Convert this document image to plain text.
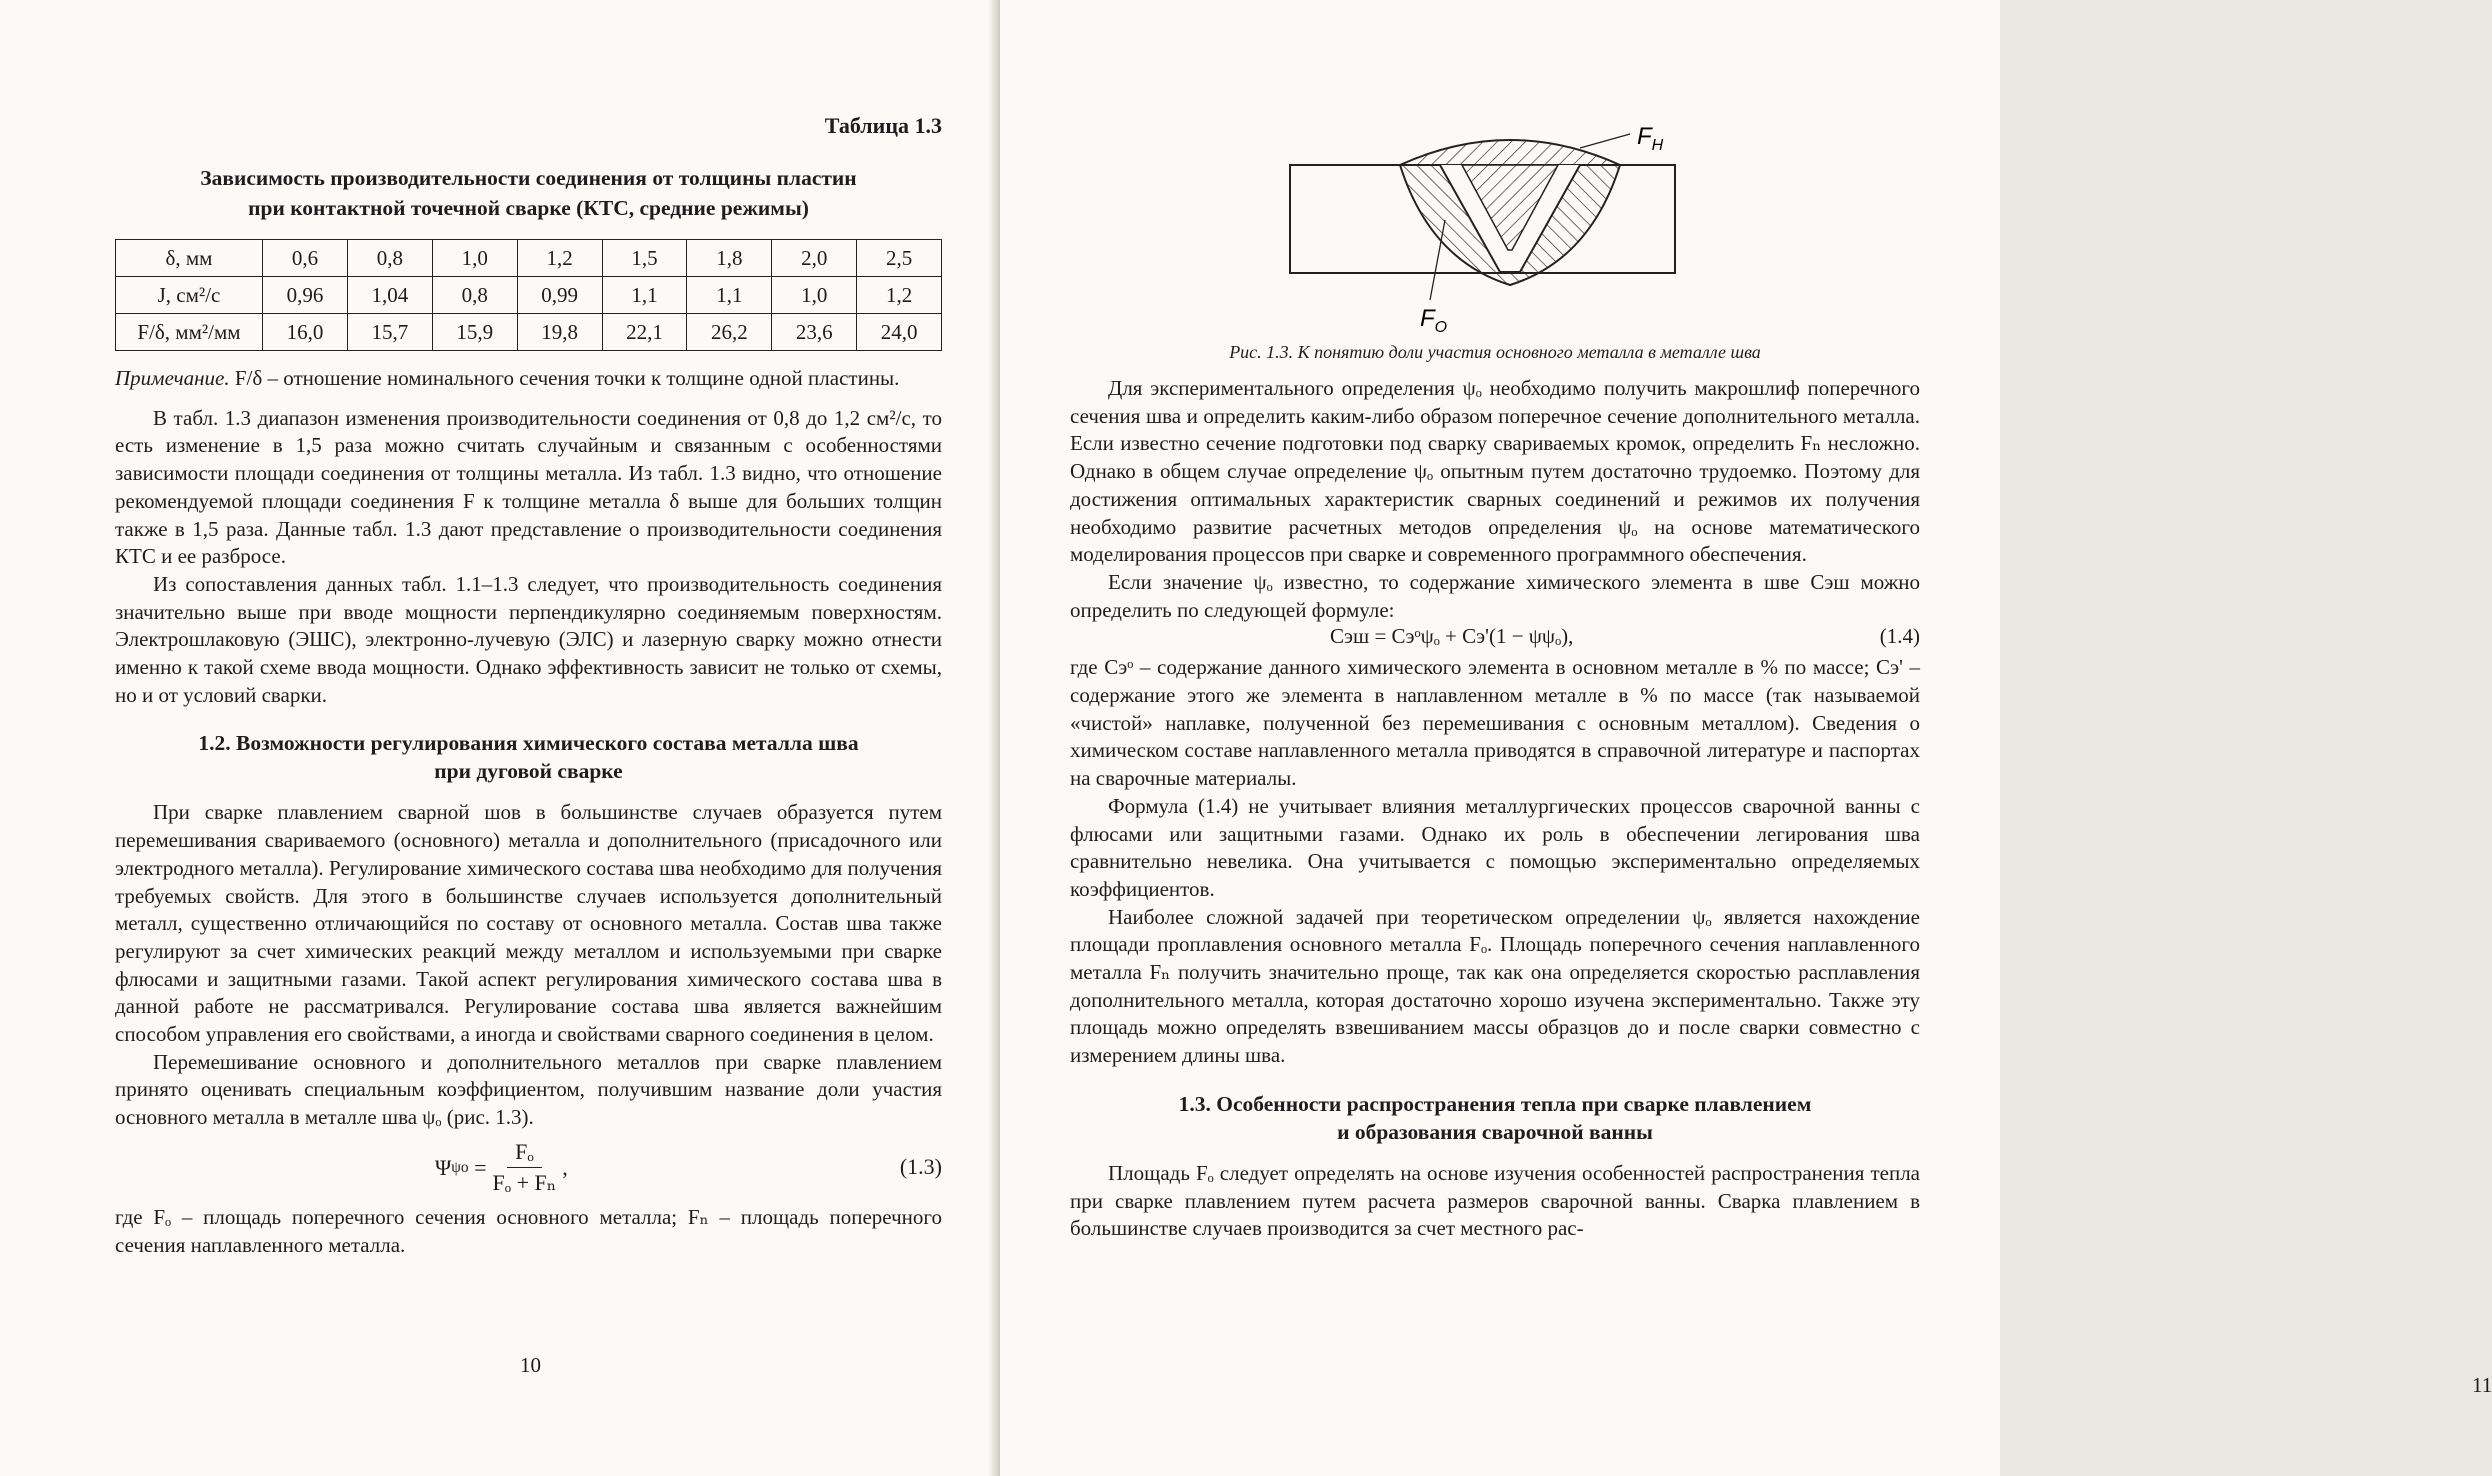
Таблица 1.3
Зависимость производительности соединения от толщины пластин
при контактной точечной сварке (КТС, средние режимы)
δ, мм	0,6	0,8	1,0	1,2	1,5	1,8	2,0	2,5
J, см²/с	0,96	1,04	0,8	0,99	1,1	1,1	1,0	1,2
F/δ, мм²/мм	16,0	15,7	15,9	19,8	22,1	26,2	23,6	24,0

Примечание. F/δ – отношение номинального сечения точки к толщине одной пластины.

В табл. 1.3 диапазон изменения производительности соединения от 0,8 до 1,2 см²/с, то есть изменение в 1,5 раза можно считать случайным и связанным с особенностями зависимости площади соединения от толщины металла. Из табл. 1.3 видно, что отношение рекомендуемой площади соединения F к толщине металла δ выше для больших толщин также в 1,5 раза. Данные табл. 1.3 дают представление о производительности соединения КТС и ее разбросе.

Из сопоставления данных табл. 1.1–1.3 следует, что производительность соединения значительно выше при вводе мощности перпендикулярно соединяемым поверхностям. Электрошлаковую (ЭШС), электронно-лучевую (ЭЛС) и лазерную сварку можно отнести именно к такой схеме ввода мощности. Однако эффективность зависит не только от схемы, но и от условий сварки.

1.2. Возможности регулирования химического состава металла шва
при дуговой сварке

При сварке плавлением сварной шов в большинстве случаев образуется путем перемешивания свариваемого (основного) металла и дополнительного (присадочного или электродного металла). Регулирование химического состава шва необходимо для получения требуемых свойств. Для этого в большинстве случаев используется дополнительный металл, существенно отличающийся по составу от основного металла. Состав шва также регулируют за счет химических реакций между металлом и используемыми при сварке флюсами и защитными газами. Такой аспект регулирования химического состава шва в данной работе не рассматривался. Регулирование состава шва является важнейшим способом управления его свойствами, а иногда и свойствами сварного соединения в целом.

Перемешивание основного и дополнительного металлов при сварке плавлением принято оценивать специальным коэффициентом, получившим название доли участия основного металла в металле шва ψₒ (рис. 1.3).

Ψ $\psi о = \frac{\text{Fₒ}}{\text{Fₒ + Fₙ}}$ ,	(1.3)

где Fₒ – площадь поперечного сечения основного металла; Fₙ – площадь поперечного сечения наплавленного металла.

10
$F_H$
$F_O$
Рис. 1.3. К понятию доли участия основного металла в металле шва

Для экспериментального определения ψₒ необходимо получить макрошлиф поперечного сечения шва и определить каким-либо образом поперечное сечение дополнительного металла. Если известно сечение подготовки под сварку свариваемых кромок, определить Fₙ несложно. Однако в общем случае определение ψₒ опытным путем достаточно трудоемко. Поэтому для достижения оптимальных характеристик сварных соединений и режимов их получения необходимо развитие расчетных методов определения ψₒ на основе математического моделирования процессов при сварке и современного программного обеспечения.

Если значение ψₒ известно, то содержание химического элемента в шве Cэш можно определить по следующей формуле:

Cэш = Cэᵒψₒ + Cэ'(1 − ψψₒ),	(1.4)

где Cэᵒ – содержание данного химического элемента в основном металле в % по массе; Cэ' – содержание этого же элемента в наплавленном металле в % по массе (так называемой «чистой» наплавке, полученной без перемешивания с основным металлом). Сведения о химическом составе наплавленного металла приводятся в справочной литературе и паспортах на сварочные материалы.

Формула (1.4) не учитывает влияния металлургических процессов сварочной ванны с флюсами или защитными газами. Однако их роль в обеспечении легирования шва сравнительно невелика. Она учитывается с помощью экспериментально определяемых коэффициентов.

Наиболее сложной задачей при теоретическом определении ψₒ является нахождение площади проплавления основного металла Fₒ. Площадь поперечного сечения наплавленного металла Fₙ получить значительно проще, так как она определяется скоростью расплавления дополнительного металла, которая достаточно хорошо изучена экспериментально. Также эту площадь можно определять взвешиванием массы образцов до и после сварки совместно с измерением длины шва.

1.3. Особенности распространения тепла при сварке плавлением
и образования сварочной ванны

Площадь Fₒ следует определять на основе изучения особенностей распространения тепла при сварке плавлением путем расчета размеров сварочной ванны. Сварка плавлением в большинстве случаев производится за счет местного рас-

11
